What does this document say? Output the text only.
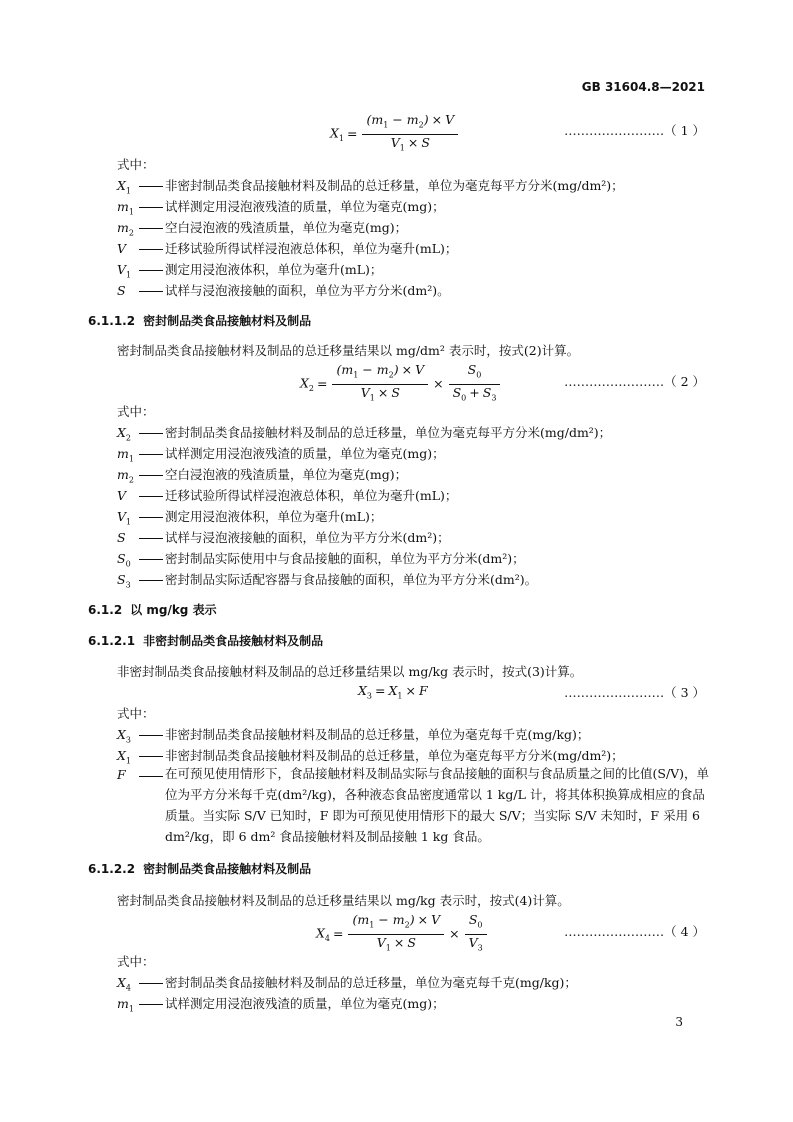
GB 31604.8—2021
$X_1 = \frac{(m_1 - m_2) \times V}{V_1 \times S}$	……………………（ 1 ）
式中：
$X_1$	非密封制品类食品接触材料及制品的总迁移量，单位为毫克每平方分米(mg/dm²)；
$m_1$ 试样测定用浸泡液残渣的质量，单位为毫克(mg)；
$m_2$ 空白浸泡液的残渣质量，单位为毫克(mg)；
V	迁移试验所得试样浸泡液总体积，单位为毫升(mL)；
$V_1$	测定用浸泡液体积，单位为毫升(mL)；
S	试样与浸泡液接触的面积，单位为平方分米(dm²)。
6.1.1.2 密封制品类食品接触材料及制品
密封制品类食品接触材料及制品的总迁移量结果以 mg/dm² 表示时，按式(2)计算。
$X_2 = \frac{(m_1 - m_2) \times V}{V_1 \times S} \times \frac{S_0}{S_0 + S_3}$	……………………（ 2 ）
式中：
$X_2$	密封制品类食品接触材料及制品的总迁移量，单位为毫克每平方分米(mg/dm²)；
$m_1$ 试样测定用浸泡液残渣的质量，单位为毫克(mg)；
$m_2$ 空白浸泡液的残渣质量，单位为毫克(mg)；
V	迁移试验所得试样浸泡液总体积，单位为毫升(mL)；
$V_1$	测定用浸泡液体积，单位为毫升(mL)；
S	试样与浸泡液接触的面积，单位为平方分米(dm²)；
$S_0$	密封制品实际使用中与食品接触的面积，单位为平方分米(dm²)；
$S_3$	密封制品实际适配容器与食品接触的面积，单位为平方分米(dm²)。
6.1.2 以 mg/kg 表示
6.1.2.1 非密封制品类食品接触材料及制品
非密封制品类食品接触材料及制品的总迁移量结果以 mg/kg 表示时，按式(3)计算。
$X_3 = X_1 \times F$	……………………（ 3 ）
式中：
$X_3$	非密封制品类食品接触材料及制品的总迁移量，单位为毫克每千克(mg/kg)；
$X_1$	非密封制品类食品接触材料及制品的总迁移量，单位为毫克每平方分米(mg/dm²)；
F	在可预见使用情形下，食品接触材料及制品实际与食品接触的面积与食品质量之间的比值(S/V)，单位为平方分米每千克(dm²/kg)，各种液态食品密度通常以 1 kg/L 计，将其体积换算成相应的食品质量。当实际 S/V 已知时，F 即为可预见使用情形下的最大 S/V；当实际 S/V 未知时，F 采用 6 dm²/kg，即 6 dm² 食品接触材料及制品接触 1 kg 食品。
6.1.2.2 密封制品类食品接触材料及制品
密封制品类食品接触材料及制品的总迁移量结果以 mg/kg 表示时，按式(4)计算。
$X_4 = \frac{(m_1 - m_2) \times V}{V_1 \times S} \times \frac{S_0}{V_3}$	……………………（ 4 ）
式中：
$X_4$	密封制品类食品接触材料及制品的总迁移量，单位为毫克每千克(mg/kg)；
$m_1$ 试样测定用浸泡液残渣的质量，单位为毫克(mg)；
3
